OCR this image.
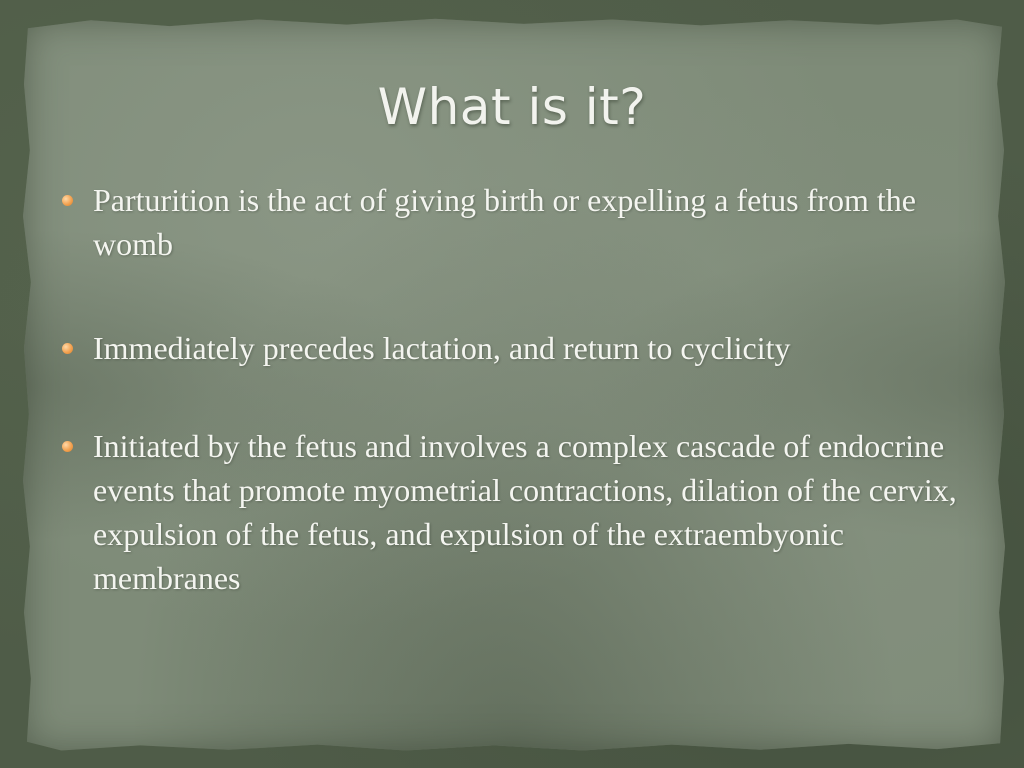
What is it?
Parturition is the act of giving birth or expelling a fetus from the womb
Immediately precedes lactation, and return to cyclicity
Initiated by the fetus and involves a complex cascade of endocrine events that promote myometrial contractions, dilation of the cervix, expulsion of the fetus, and expulsion of the extraembyonic membranes
